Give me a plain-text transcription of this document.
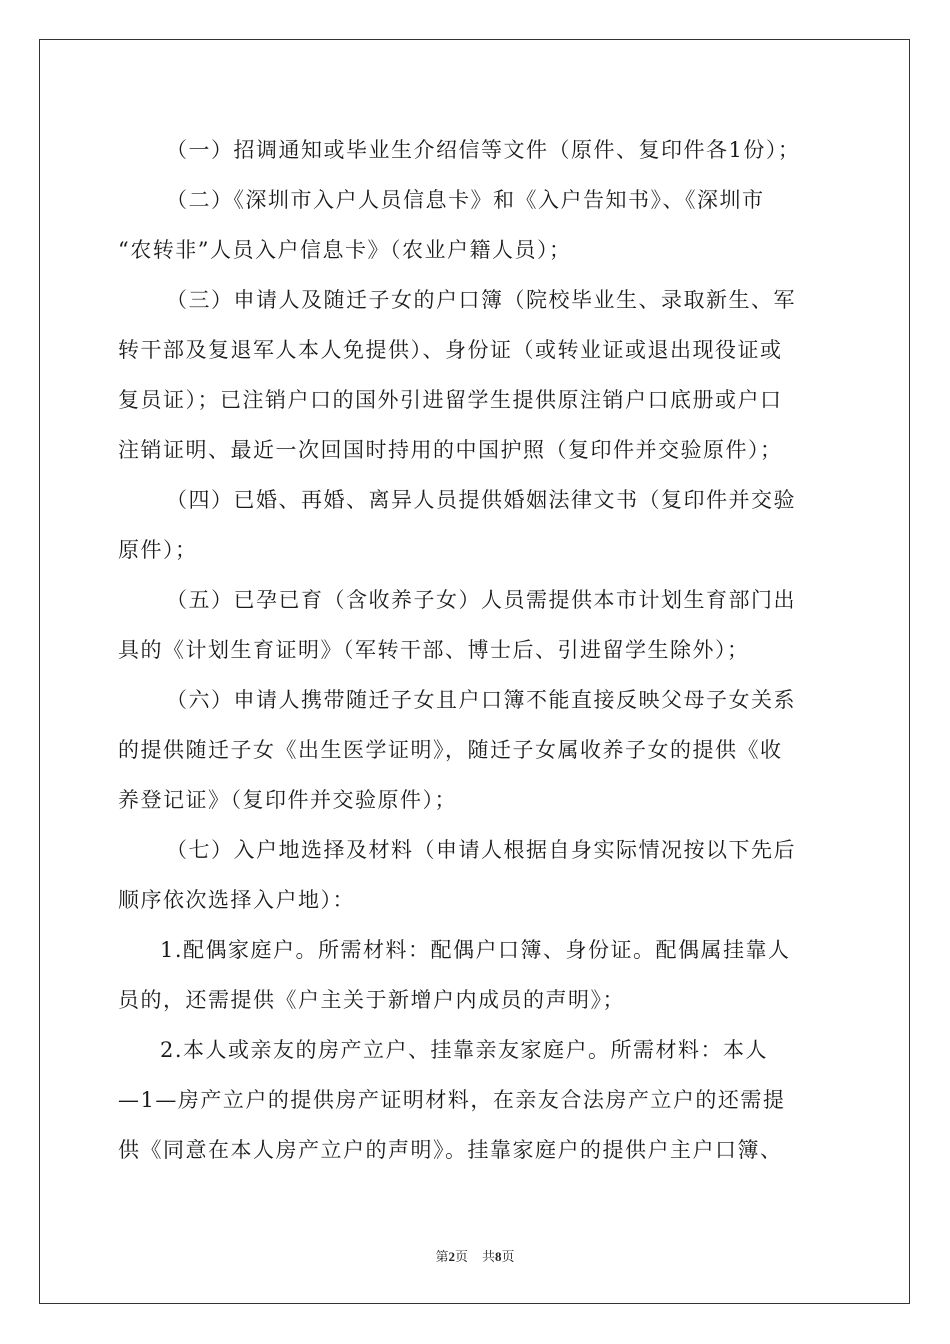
（一）招调通知或毕业生介绍信等文件（原件、复印件各1份）；
（二）《深圳市入户人员信息卡》和《入户告知书》、《深圳市
“农转非”人员入户信息卡》（农业户籍人员）；
（三）申请人及随迁子女的户口簿（院校毕业生、录取新生、军
转干部及复退军人本人免提供）、身份证（或转业证或退出现役证或
复员证）；已注销户口的国外引进留学生提供原注销户口底册或户口
注销证明、最近一次回国时持用的中国护照（复印件并交验原件）；
（四）已婚、再婚、离异人员提供婚姻法律文书（复印件并交验
原件）；
（五）已孕已育（含收养子女）人员需提供本市计划生育部门出
具的《计划生育证明》（军转干部、博士后、引进留学生除外）；
（六）申请人携带随迁子女且户口簿不能直接反映父母子女关系
的提供随迁子女《出生医学证明》，随迁子女属收养子女的提供《收
养登记证》（复印件并交验原件）；
（七）入户地选择及材料（申请人根据自身实际情况按以下先后
顺序依次选择入户地）：
1.配偶家庭户。所需材料：配偶户口簿、身份证。配偶属挂靠人
员的，还需提供《户主关于新增户内成员的声明》；
2.本人或亲友的房产立户、挂靠亲友家庭户。所需材料：本人
—1—房产立户的提供房产证明材料，在亲友合法房产立户的还需提
供《同意在本人房产立户的声明》。挂靠家庭户的提供户主户口簿、
第2页 共8页
